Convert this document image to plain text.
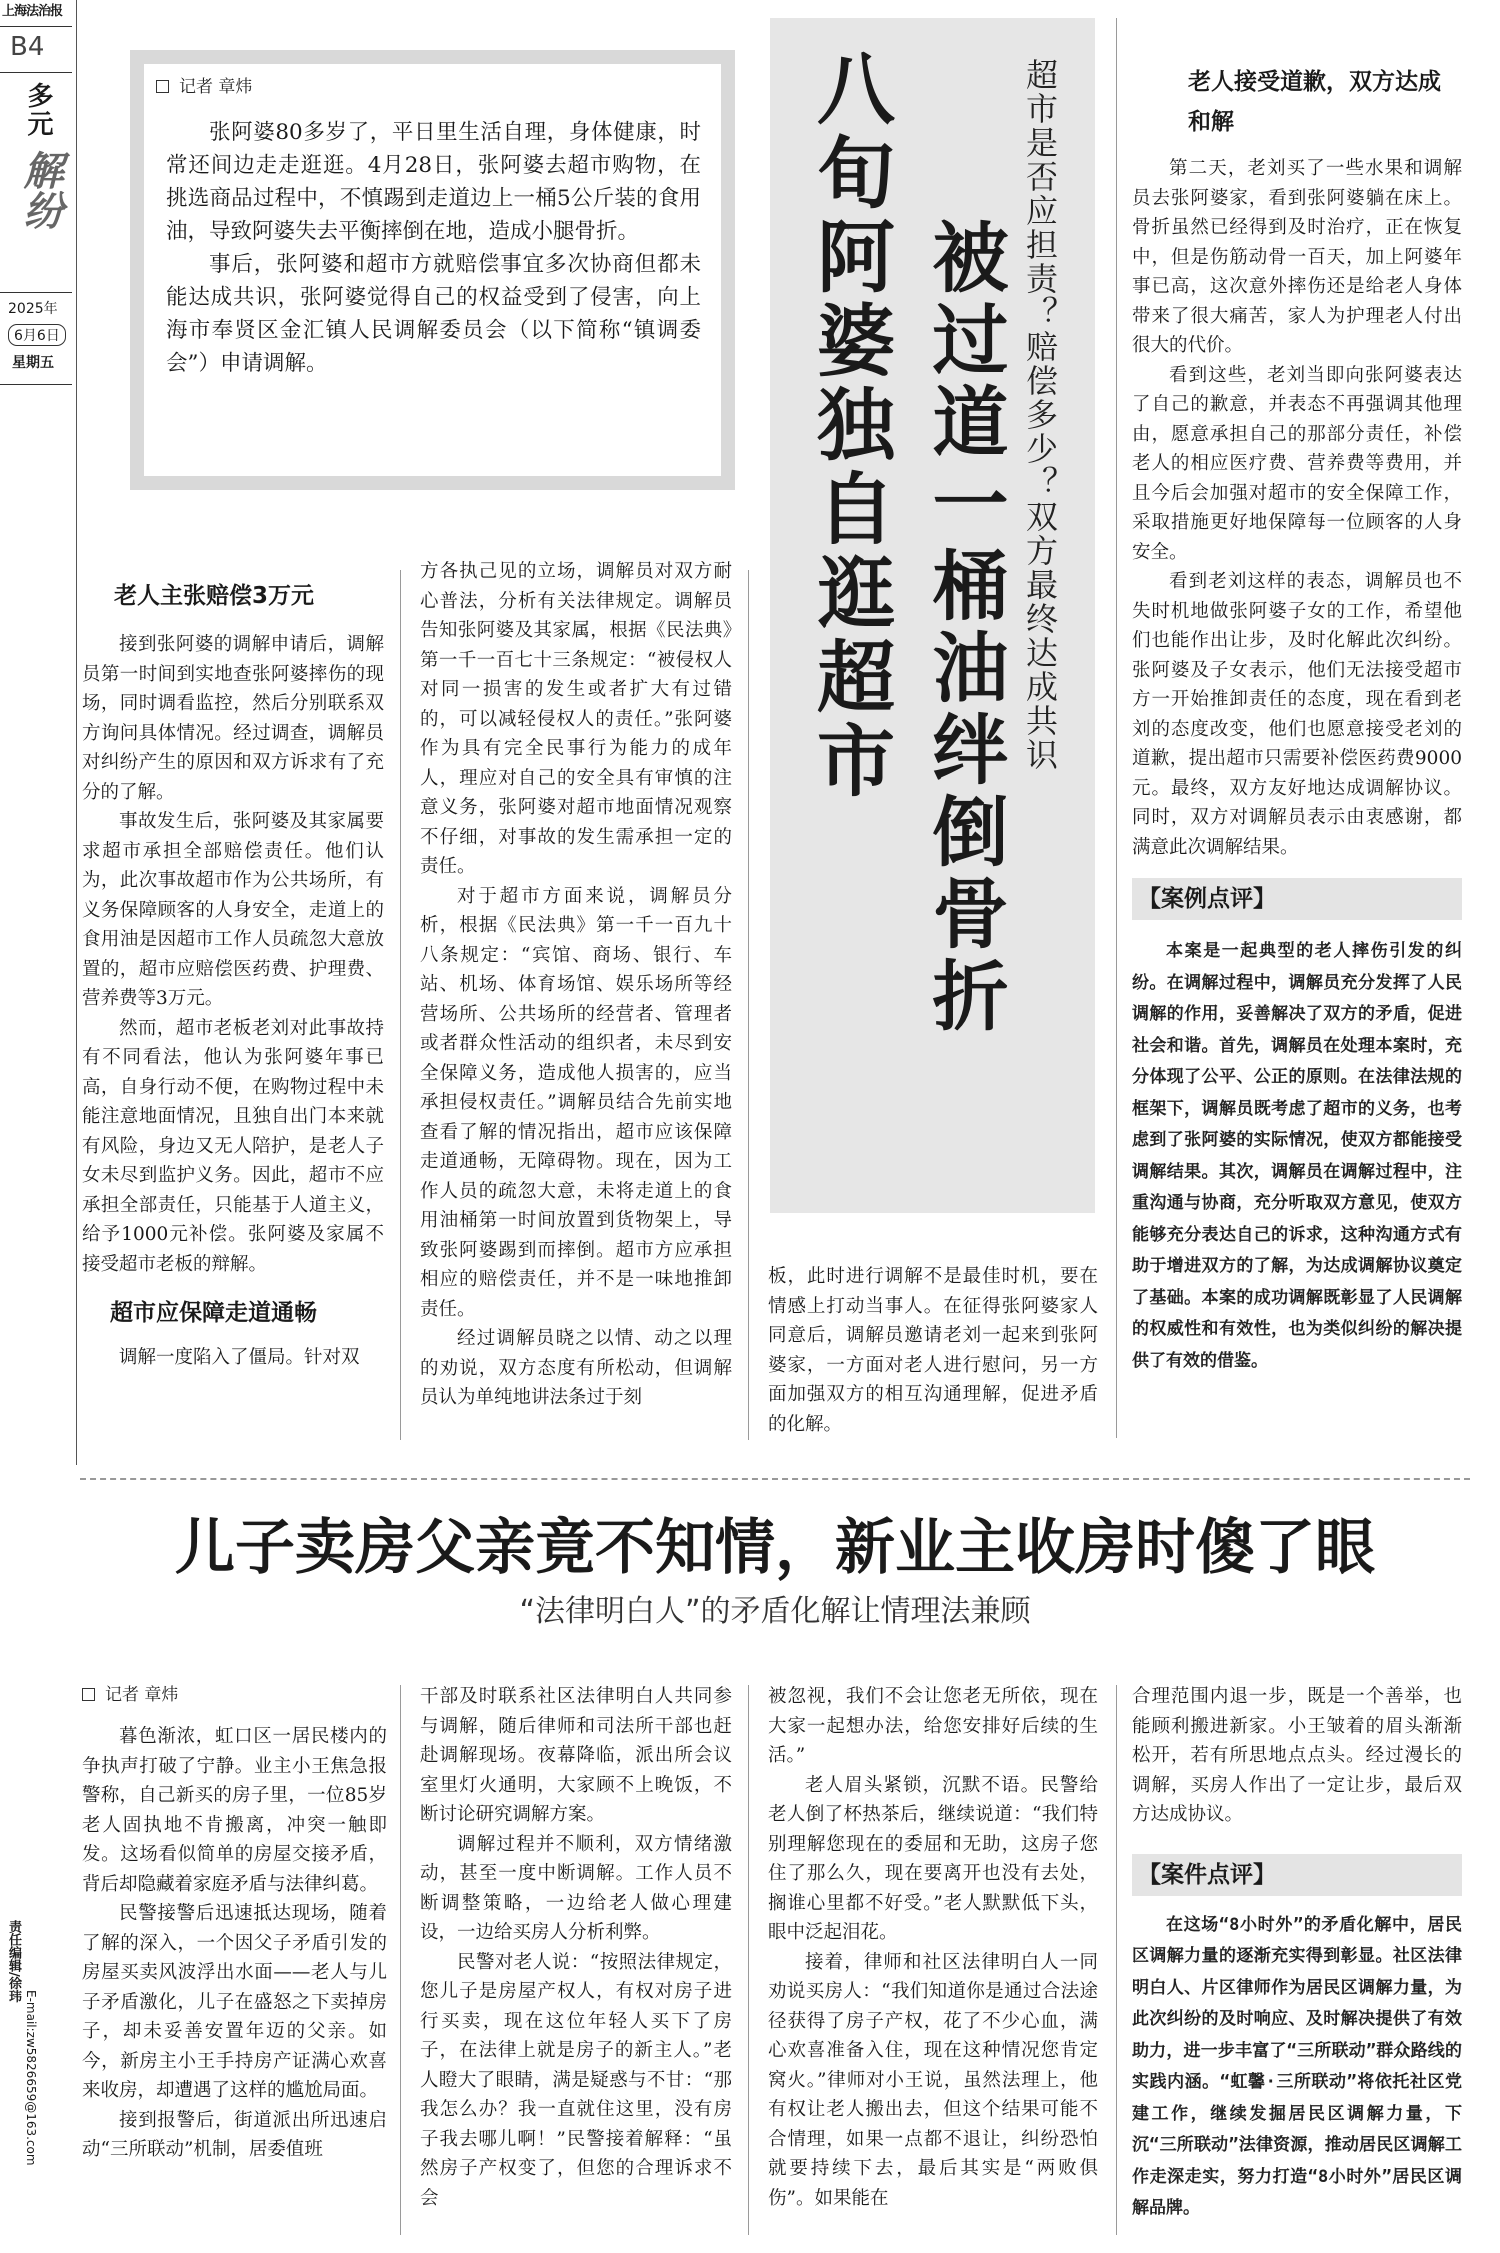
上海法治报
B4
多元
解纷
2025年
6月6日
星期五
记者 章炜
张阿婆80多岁了，平日里生活自理，身体健康，时常还间边走走逛逛。4月28日，张阿婆去超市购物，在挑选商品过程中，不慎踢到走道边上一桶5公斤装的食用油，导致阿婆失去平衡摔倒在地，造成小腿骨折。
事后，张阿婆和超市方就赔偿事宜多次协商但都未能达成共识，张阿婆觉得自己的权益受到了侵害，向上海市奉贤区金汇镇人民调解委员会（以下简称“镇调委会”）申请调解。	超市是否应担责？赔偿多少？双方最终达成共识
被过道一桶油绊倒骨折
八旬阿婆独自逛超市
老人主张赔偿3万元
接到张阿婆的调解申请后，调解员第一时间到实地查张阿婆摔伤的现场，同时调看监控，然后分别联系双方询问具体情况。经过调查，调解员对纠纷产生的原因和双方诉求有了充分的了解。
事故发生后，张阿婆及其家属要求超市承担全部赔偿责任。他们认为，此次事故超市作为公共场所，有义务保障顾客的人身安全，走道上的食用油是因超市工作人员疏忽大意放置的，超市应赔偿医药费、护理费、营养费等3万元。
然而，超市老板老刘对此事故持有不同看法，他认为张阿婆年事已高，自身行动不便，在购物过程中未能注意地面情况，且独自出门本来就有风险，身边又无人陪护，是老人子女未尽到监护义务。因此，超市不应承担全部责任，只能基于人道主义，给予1000元补偿。张阿婆及家属不接受超市老板的辩解。
超市应保障走道通畅
调解一度陷入了僵局。针对双
方各执己见的立场，调解员对双方耐心普法，分析有关法律规定。调解员告知张阿婆及其家属，根据《民法典》第一千一百七十三条规定：“被侵权人对同一损害的发生或者扩大有过错的，可以减轻侵权人的责任。”张阿婆作为具有完全民事行为能力的成年人，理应对自己的安全具有审慎的注意义务，张阿婆对超市地面情况观察不仔细，对事故的发生需承担一定的责任。
对于超市方面来说，调解员分析，根据《民法典》第一千一百九十八条规定：“宾馆、商场、银行、车站、机场、体育场馆、娱乐场所等经营场所、公共场所的经营者、管理者或者群众性活动的组织者，未尽到安全保障义务，造成他人损害的，应当承担侵权责任。”调解员结合先前实地查看了解的情况指出，超市应该保障走道通畅，无障碍物。现在，因为工作人员的疏忽大意，未将走道上的食用油桶第一时间放置到货物架上，导致张阿婆踢到而摔倒。超市方应承担相应的赔偿责任，并不是一味地推卸责任。
经过调解员晓之以情、动之以理的劝说，双方态度有所松动，但调解员认为单纯地讲法条过于刻
板，此时进行调解不是最佳时机，要在情感上打动当事人。在征得张阿婆家人同意后，调解员邀请老刘一起来到张阿婆家，一方面对老人进行慰问，另一方面加强双方的相互沟通理解，促进矛盾的化解。
老人接受道歉，双方达成和解
第二天，老刘买了一些水果和调解员去张阿婆家，看到张阿婆躺在床上。骨折虽然已经得到及时治疗，正在恢复中，但是伤筋动骨一百天，加上阿婆年事已高，这次意外摔伤还是给老人身体带来了很大痛苦，家人为护理老人付出很大的代价。
看到这些，老刘当即向张阿婆表达了自己的歉意，并表态不再强调其他理由，愿意承担自己的那部分责任，补偿老人的相应医疗费、营养费等费用，并且今后会加强对超市的安全保障工作，采取措施更好地保障每一位顾客的人身安全。
看到老刘这样的表态，调解员也不失时机地做张阿婆子女的工作，希望他们也能作出让步，及时化解此次纠纷。张阿婆及子女表示，他们无法接受超市方一开始推卸责任的态度，现在看到老刘的态度改变，他们也愿意接受老刘的道歉，提出超市只需要补偿医药费9000元。最终，双方友好地达成调解协议。同时，双方对调解员表示由衷感谢，都满意此次调解结果。
【案例点评】
本案是一起典型的老人摔伤引发的纠纷。在调解过程中，调解员充分发挥了人民调解的作用，妥善解决了双方的矛盾，促进社会和谐。首先，调解员在处理本案时，充分体现了公平、公正的原则。在法律法规的框架下，调解员既考虑了超市的义务，也考虑到了张阿婆的实际情况，使双方都能接受调解结果。其次，调解员在调解过程中，注重沟通与协商，充分听取双方意见，使双方能够充分表达自己的诉求，这种沟通方式有助于增进双方的了解，为达成调解协议奠定了基础。本案的成功调解既彰显了人民调解的权威性和有效性，也为类似纠纷的解决提供了有效的借鉴。
儿子卖房父亲竟不知情，新业主收房时傻了眼
“法律明白人”的矛盾化解让情理法兼顾
记者 章炜
暮色渐浓，虹口区一居民楼内的争执声打破了宁静。业主小王焦急报警称，自己新买的房子里，一位85岁老人固执地不肯搬离，冲突一触即发。这场看似简单的房屋交接矛盾，背后却隐藏着家庭矛盾与法律纠葛。
民警接警后迅速抵达现场，随着了解的深入，一个因父子矛盾引发的房屋买卖风波浮出水面——老人与儿子矛盾激化，儿子在盛怒之下卖掉房子，却未妥善安置年迈的父亲。如今，新房主小王手持房产证满心欢喜来收房，却遭遇了这样的尴尬局面。
接到报警后，街道派出所迅速启动“三所联动”机制，居委值班
干部及时联系社区法律明白人共同参与调解，随后律师和司法所干部也赶赴调解现场。夜幕降临，派出所会议室里灯火通明，大家顾不上晚饭，不断讨论研究调解方案。
调解过程并不顺利，双方情绪激动，甚至一度中断调解。工作人员不断调整策略，一边给老人做心理建设，一边给买房人分析利弊。
民警对老人说：“按照法律规定，您儿子是房屋产权人，有权对房子进行买卖，现在这位年轻人买下了房子，在法律上就是房子的新主人。”老人瞪大了眼睛，满是疑惑与不甘：“那我怎么办？我一直就住这里，没有房子我去哪儿啊！”民警接着解释：“虽然房子产权变了，但您的合理诉求不会
被忽视，我们不会让您老无所依，现在大家一起想办法，给您安排好后续的生活。”
老人眉头紧锁，沉默不语。民警给老人倒了杯热茶后，继续说道：“我们特别理解您现在的委屈和无助，这房子您住了那么久，现在要离开也没有去处，搁谁心里都不好受。”老人默默低下头，眼中泛起泪花。
接着，律师和社区法律明白人一同劝说买房人：“我们知道你是通过合法途径获得了房子产权，花了不少心血，满心欢喜准备入住，现在这种情况您肯定窝火。”律师对小王说，虽然法理上，他有权让老人搬出去，但这个结果可能不合情理，如果一点都不退让，纠纷恐怕就要持续下去，最后其实是“两败俱伤”。如果能在
合理范围内退一步，既是一个善举，也能顾利搬进新家。小王皱着的眉头渐渐松开，若有所思地点点头。经过漫长的调解，买房人作出了一定让步，最后双方达成协议。
【案件点评】
在这场“8小时外”的矛盾化解中，居民区调解力量的逐渐充实得到彰显。社区法律明白人、片区律师作为居民区调解力量，为此次纠纷的及时响应、及时解决提供了有效助力，进一步丰富了“三所联动”群众路线的实践内涵。“虹馨·三所联动”将依托社区党建工作，继续发掘居民区调解力量，下沉“三所联动”法律资源，推动居民区调解工作走深走实，努力打造“8小时外”居民区调解品牌。
责任编辑/徐玮
E-mail:zw5826659@163.com
